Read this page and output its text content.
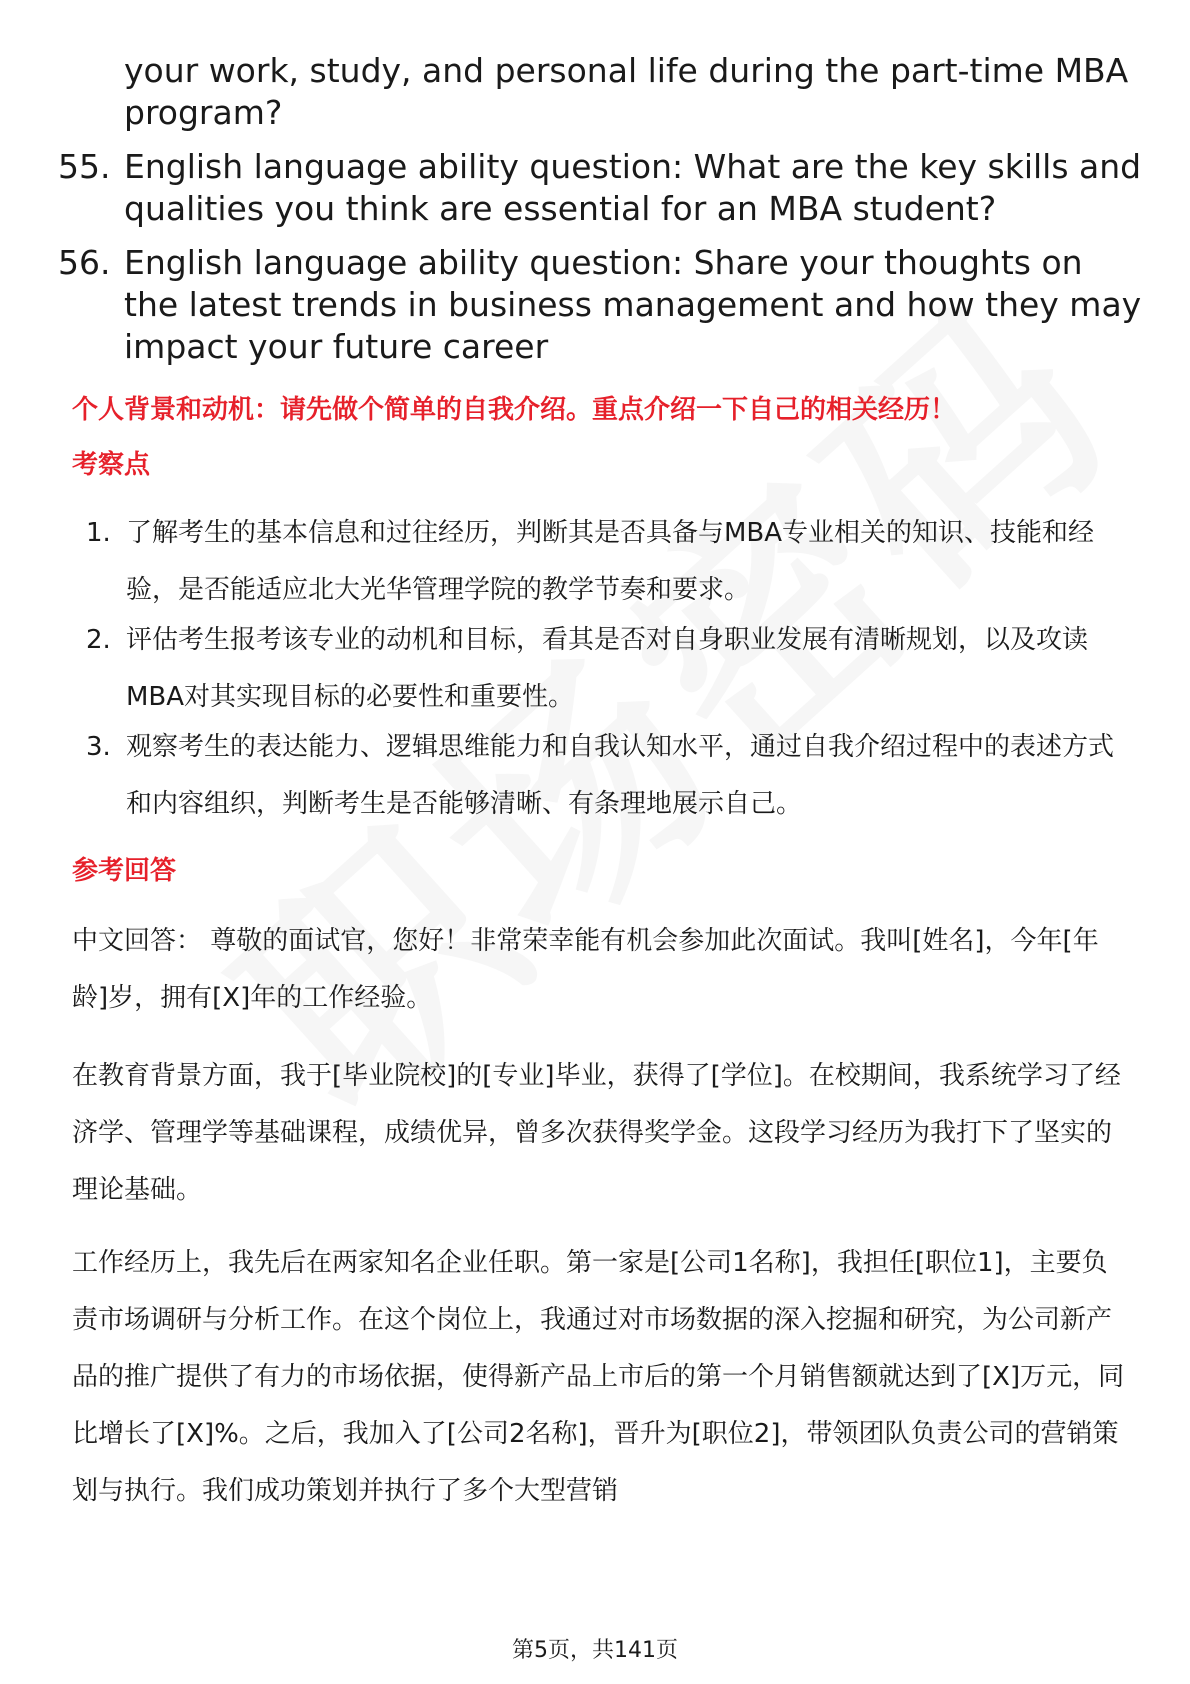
your work, study, and personal life during the part-time MBA program?
55. English language ability question: What are the key skills and qualities you think are essential for an MBA student?
56. English language ability question: Share your thoughts on the latest trends in business management and how they may impact your future career
个人背景和动机：请先做个简单的自我介绍。重点介绍一下自己的相关经历！
考察点
1. 了解考生的基本信息和过往经历，判断其是否具备与MBA专业相关的知识、技能和经验，是否能适应北大光华管理学院的教学节奏和要求。
2. 评估考生报考该专业的动机和目标，看其是否对自身职业发展有清晰规划，以及攻读MBA对其实现目标的必要性和重要性。
3. 观察考生的表达能力、逻辑思维能力和自我认知水平，通过自我介绍过程中的表述方式和内容组织，判断考生是否能够清晰、有条理地展示自己。
参考回答
中文回答： 尊敬的面试官，您好！非常荣幸能有机会参加此次面试。我叫[姓名]，今年[年龄]岁，拥有[X]年的工作经验。
在教育背景方面，我于[毕业院校]的[专业]毕业，获得了[学位]。在校期间，我系统学习了经济学、管理学等基础课程，成绩优异，曾多次获得奖学金。这段学习经历为我打下了坚实的理论基础。
工作经历上，我先后在两家知名企业任职。第一家是[公司1名称]，我担任[职位1]，主要负责市场调研与分析工作。在这个岗位上，我通过对市场数据的深入挖掘和研究，为公司新产品的推广提供了有力的市场依据，使得新产品上市后的第一个月销售额就达到了[X]万元，同比增长了[X]%。之后，我加入了[公司2名称]，晋升为[职位2]，带领团队负责公司的营销策划与执行。我们成功策划并执行了多个大型营销
第5页，共141页
